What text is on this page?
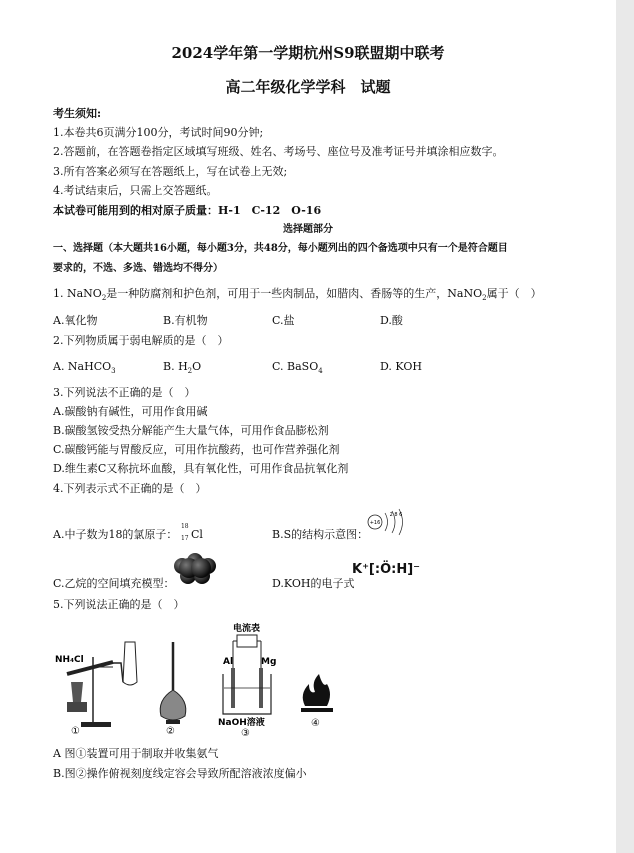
2024学年第一学期杭州S9联盟期中联考
高二年级化学学科　试题
考生须知:
1.本卷共6页满分100分，考试时间90分钟;
2.答题前，在答题卷指定区域填写班级、姓名、考场号、座位号及准考证号并填涂相应数字。
3.所有答案必须写在答题纸上，写在试卷上无效;
4.考试结束后，只需上交答题纸。
本试卷可能用到的相对原子质量：H-1　C-12　O-16
选择题部分
一、选择题（本大题共16小题，每小题3分，共48分，每小题列出的四个备选项中只有一个是符合题目
要求的，不选、多选、错选均不得分）
1. NaNO$_2$是一种防腐剂和护色剂，可用于一些肉制品，如腊肉、香肠等的生产，NaNO$_2$属于（　）
A.氧化物	B.有机物	C.盐	D.酸
2.下列物质属于弱电解质的是（　）
A. NaHCO$_3$	B. $H_2O$	C. BaSO$_4$	D. KOH
3.下列说法不正确的是（　）
A.碳酸钠有碱性，可用作食用碱
B.碳酸氢铵受热分解能产生大量气体，可用作食品膨松剂
C.碳酸钙能与胃酸反应，可用作抗酸药，也可作营养强化剂
D.维生素C又称抗坏血酸，具有氧化性，可用作食品抗氧化剂
4.下列表示式不正确的是（　）
A.中子数为18的氯原子：
18
17 Cl	B.S的结构示意图：
+16
2 8 6
C.乙烷的空间填充模型：	D.KOH的电子式
K⁺[:Ö:H]⁻
5.下列说法正确的是（　）
NH₄Cl
①	②
电流表
Al	Mg
NaOH溶液
③
④
A 图①装置可用于制取并收集氨气
B.图②操作俯视刻度线定容会导致所配溶液浓度偏小
